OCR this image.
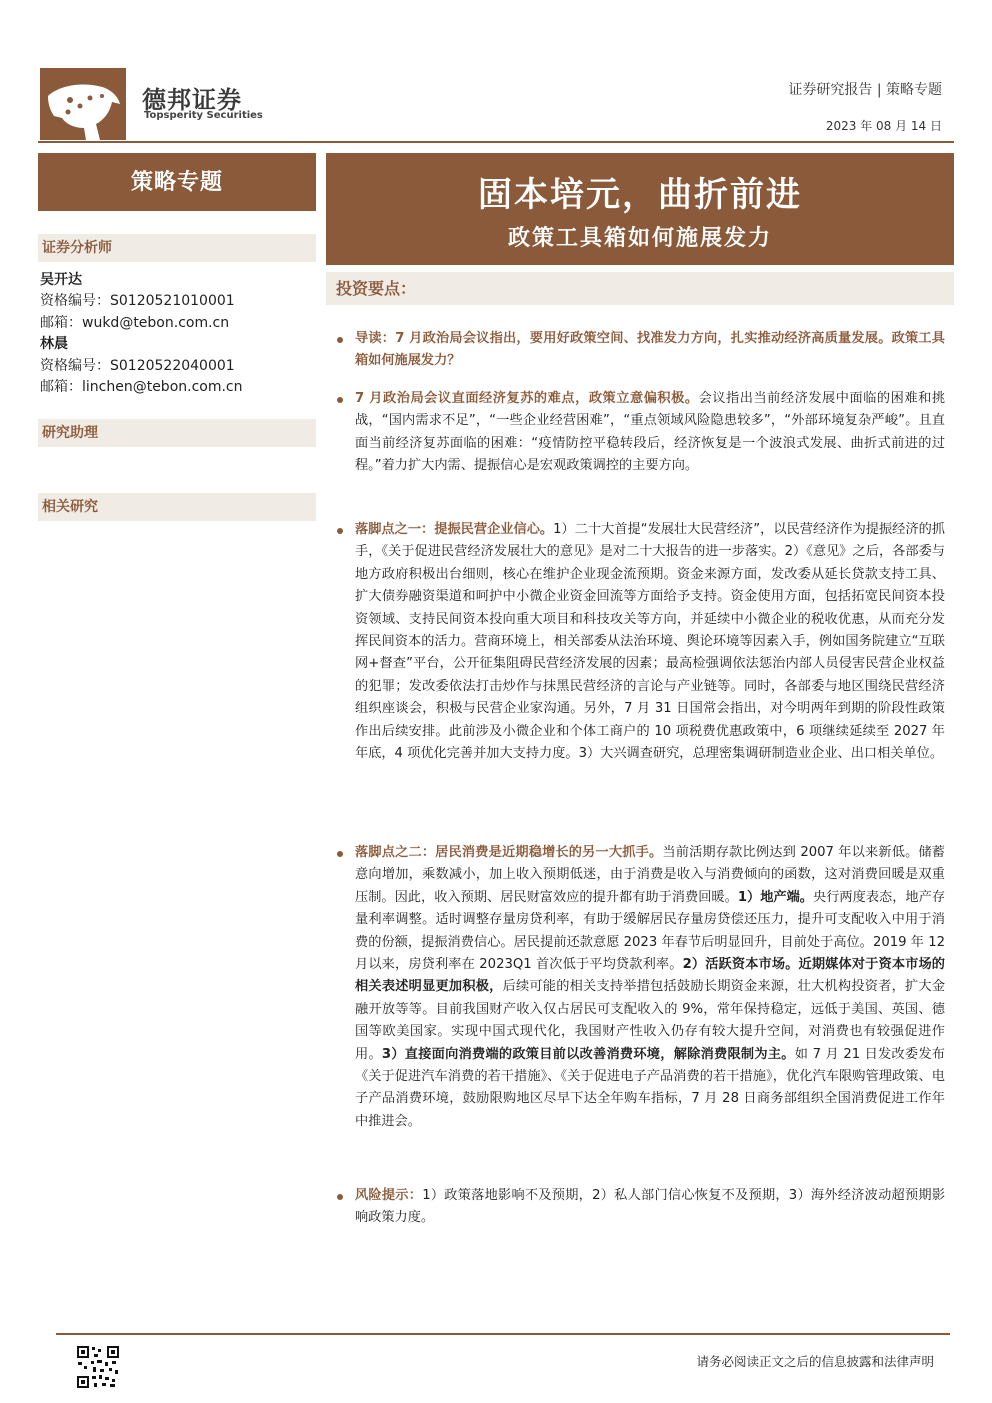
德邦证券
Topsperity Securities
证券研究报告 | 策略专题
2023 年 08 月 14 日
策略专题
证券分析师
吴开达
资格编号：S0120521010001
邮箱：wukd@tebon.com.cn
林晨
资格编号：S0120522040001
邮箱：linchen@tebon.com.cn
研究助理
相关研究
固本培元，曲折前进
政策工具箱如何施展发力
投资要点：
导读：7 月政治局会议指出，要用好政策空间、找准发力方向，扎实推动经济高质量发展。政策工具箱如何施展发力？
7 月政治局会议直面经济复苏的难点，政策立意偏积极。会议指出当前经济发展中面临的困难和挑战，“国内需求不足”，“一些企业经营困难”，“重点领域风险隐患较多”，“外部环境复杂严峻”。且直面当前经济复苏面临的困难：“疫情防控平稳转段后，经济恢复是一个波浪式发展、曲折式前进的过程。”着力扩大内需、提振信心是宏观政策调控的主要方向。
落脚点之一：提振民营企业信心。1）二十大首提“发展壮大民营经济”，以民营经济作为提振经济的抓手，《关于促进民营经济发展壮大的意见》是对二十大报告的进一步落实。2）《意见》之后，各部委与地方政府积极出台细则，核心在维护企业现金流预期。资金来源方面，发改委从延长贷款支持工具、扩大债券融资渠道和呵护中小微企业资金回流等方面给予支持。资金使用方面，包括拓宽民间资本投资领域、支持民间资本投向重大项目和科技攻关等方向，并延续中小微企业的税收优惠，从而充分发挥民间资本的活力。营商环境上，相关部委从法治环境、舆论环境等因素入手，例如国务院建立“互联网+督查”平台，公开征集阻碍民营经济发展的因素；最高检强调依法惩治内部人员侵害民营企业权益的犯罪；发改委依法打击炒作与抹黑民营经济的言论与产业链等。同时，各部委与地区围绕民营经济组织座谈会，积极与民营企业家沟通。另外，7 月 31 日国常会指出，对今明两年到期的阶段性政策作出后续安排。此前涉及小微企业和个体工商户的 10 项税费优惠政策中，6 项继续延续至 2027 年年底，4 项优化完善并加大支持力度。3）大兴调查研究，总理密集调研制造业企业、出口相关单位。
落脚点之二：居民消费是近期稳增长的另一大抓手。当前活期存款比例达到 2007 年以来新低。储蓄意向增加，乘数减小，加上收入预期低迷，由于消费是收入与消费倾向的函数，这对消费回暖是双重压制。因此，收入预期、居民财富效应的提升都有助于消费回暖。1）地产端。央行两度表态，地产存量利率调整。适时调整存量房贷利率，有助于缓解居民存量房贷偿还压力，提升可支配收入中用于消费的份额，提振消费信心。居民提前还款意愿 2023 年春节后明显回升，目前处于高位。2019 年 12 月以来，房贷利率在 2023Q1 首次低于平均贷款利率。2）活跃资本市场。近期媒体对于资本市场的相关表述明显更加积极，后续可能的相关支持举措包括鼓励长期资金来源，壮大机构投资者，扩大金融开放等等。目前我国财产收入仅占居民可支配收入的 9%，常年保持稳定，远低于美国、英国、德国等欧美国家。实现中国式现代化，我国财产性收入仍存有较大提升空间，对消费也有较强促进作用。3）直接面向消费端的政策目前以改善消费环境，解除消费限制为主。如 7 月 21 日发改委发布《关于促进汽车消费的若干措施》、《关于促进电子产品消费的若干措施》，优化汽车限购管理政策、电子产品消费环境，鼓励限购地区尽早下达全年购车指标，7 月 28 日商务部组织全国消费促进工作年中推进会。
风险提示：1）政策落地影响不及预期，2）私人部门信心恢复不及预期，3）海外经济波动超预期影响政策力度。
请务必阅读正文之后的信息披露和法律声明
